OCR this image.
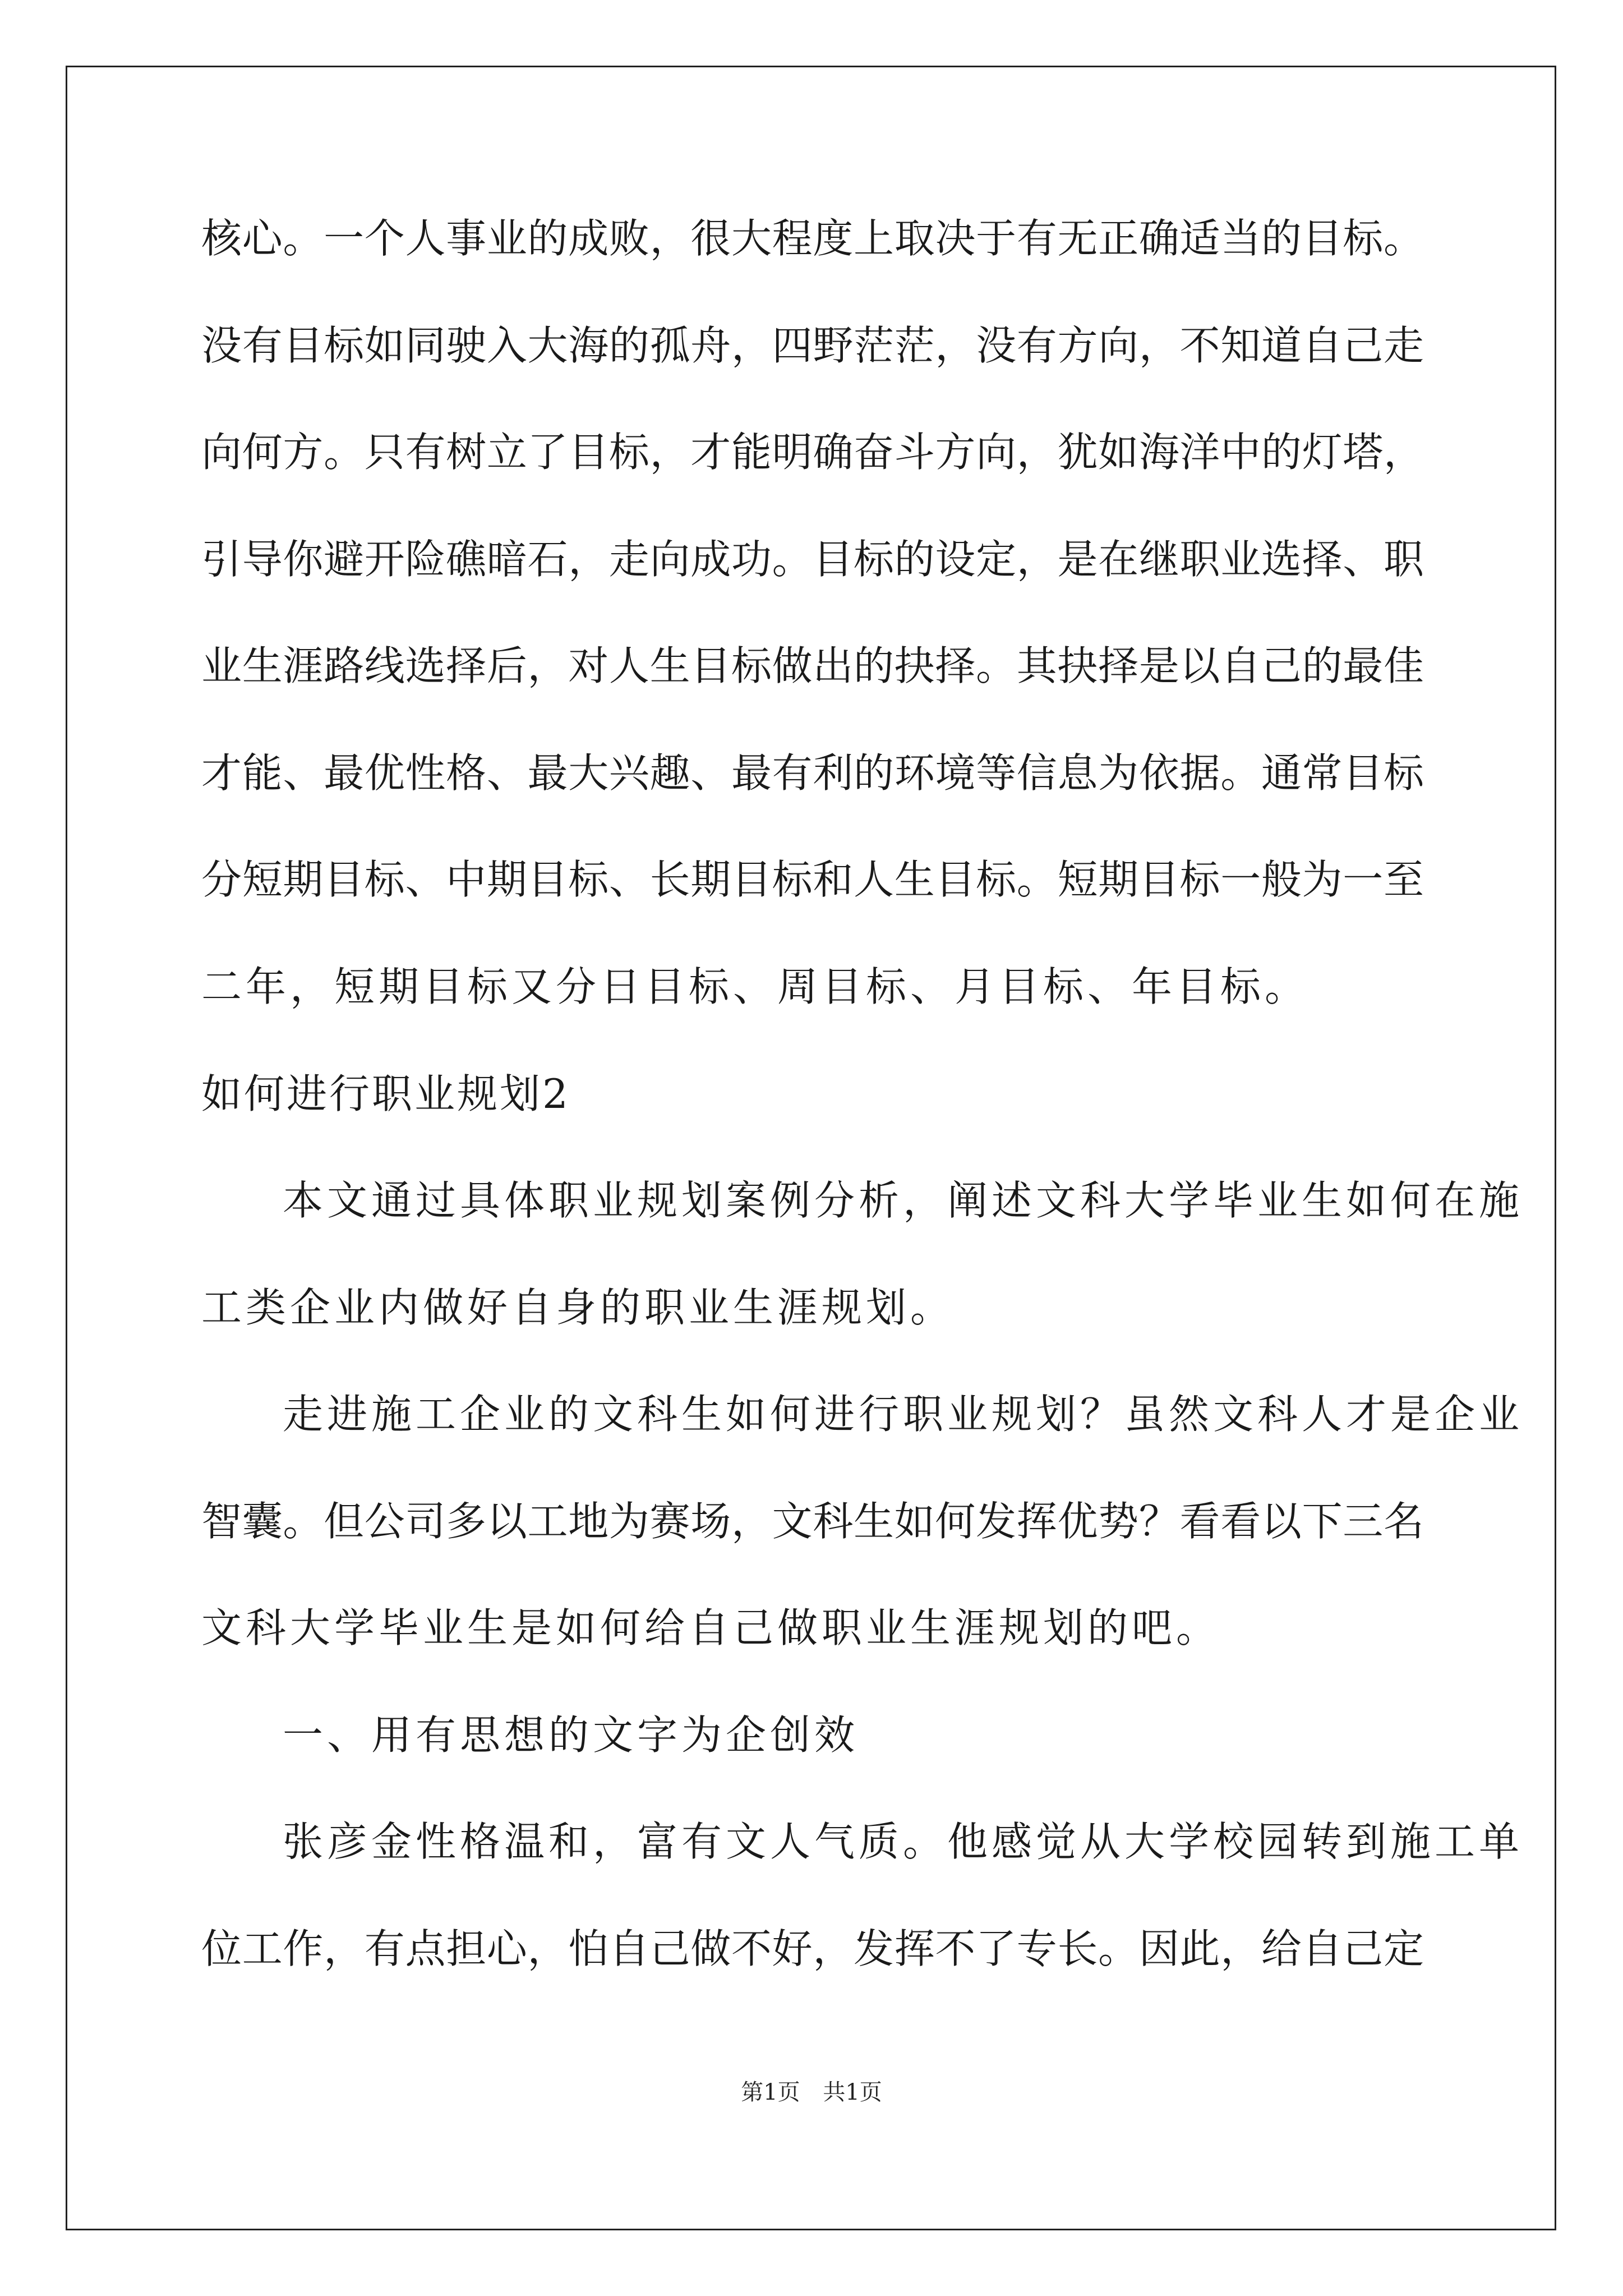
核心。一个人事业的成败，很大程度上取决于有无正确适当的目标。
没有目标如同驶入大海的孤舟，四野茫茫，没有方向，不知道自己走
向何方。只有树立了目标，才能明确奋斗方向，犹如海洋中的灯塔，
引导你避开险礁暗石，走向成功。目标的设定，是在继职业选择、职
业生涯路线选择后，对人生目标做出的抉择。其抉择是以自己的最佳
才能、最优性格、最大兴趣、最有利的环境等信息为依据。通常目标
分短期目标、中期目标、长期目标和人生目标。短期目标一般为一至
二年，短期目标又分日目标、周目标、月目标、年目标。
如何进行职业规划2
本文通过具体职业规划案例分析，阐述文科大学毕业生如何在施
工类企业内做好自身的职业生涯规划。
走进施工企业的文科生如何进行职业规划？虽然文科人才是企业
智囊。但公司多以工地为赛场，文科生如何发挥优势？看看以下三名
文科大学毕业生是如何给自己做职业生涯规划的吧。
一、用有思想的文字为企创效
张彦金性格温和，富有文人气质。他感觉从大学校园转到施工单
位工作，有点担心，怕自己做不好，发挥不了专长。因此，给自己定
第1页 共1页
